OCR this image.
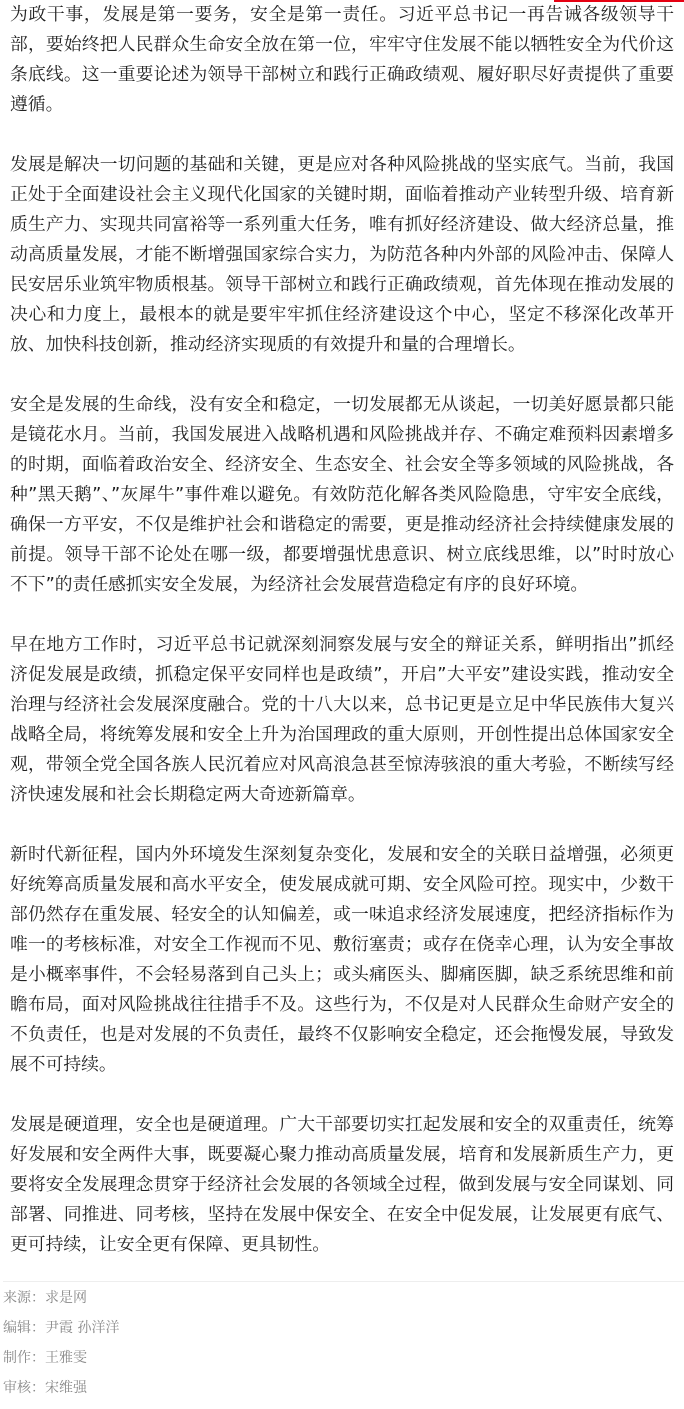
为政干事，发展是第一要务，安全是第一责任。习近平总书记一再告诫各级领导干部，要始终把人民群众生命安全放在第一位，牢牢守住发展不能以牺牲安全为代价这条底线。这一重要论述为领导干部树立和践行正确政绩观、履好职尽好责提供了重要遵循。

发展是解决一切问题的基础和关键，更是应对各种风险挑战的坚实底气。当前，我国正处于全面建设社会主义现代化国家的关键时期，面临着推动产业转型升级、培育新质生产力、实现共同富裕等一系列重大任务，唯有抓好经济建设、做大经济总量，推动高质量发展，才能不断增强国家综合实力，为防范各种内外部的风险冲击、保障人民安居乐业筑牢物质根基。领导干部树立和践行正确政绩观，首先体现在推动发展的决心和力度上，最根本的就是要牢牢抓住经济建设这个中心，坚定不移深化改革开放、加快科技创新，推动经济实现质的有效提升和量的合理增长。

安全是发展的生命线，没有安全和稳定，一切发展都无从谈起，一切美好愿景都只能是镜花水月。当前，我国发展进入战略机遇和风险挑战并存、不确定难预料因素增多的时期，面临着政治安全、经济安全、生态安全、社会安全等多领域的风险挑战，各种”黑天鹅”、”灰犀牛”事件难以避免。有效防范化解各类风险隐患，守牢安全底线，确保一方平安，不仅是维护社会和谐稳定的需要，更是推动经济社会持续健康发展的前提。领导干部不论处在哪一级，都要增强忧患意识、树立底线思维，以”时时放心不下”的责任感抓实安全发展，为经济社会发展营造稳定有序的良好环境。

早在地方工作时，习近平总书记就深刻洞察发展与安全的辩证关系，鲜明指出”抓经济促发展是政绩，抓稳定保平安同样也是政绩”，开启”大平安”建设实践，推动安全治理与经济社会发展深度融合。党的十八大以来，总书记更是立足中华民族伟大复兴战略全局，将统筹发展和安全上升为治国理政的重大原则，开创性提出总体国家安全观，带领全党全国各族人民沉着应对风高浪急甚至惊涛骇浪的重大考验，不断续写经济快速发展和社会长期稳定两大奇迹新篇章。

新时代新征程，国内外环境发生深刻复杂变化，发展和安全的关联日益增强，必须更好统筹高质量发展和高水平安全，使发展成就可期、安全风险可控。现实中，少数干部仍然存在重发展、轻安全的认知偏差，或一味追求经济发展速度，把经济指标作为唯一的考核标准，对安全工作视而不见、敷衍塞责；或存在侥幸心理，认为安全事故是小概率事件，不会轻易落到自己头上；或头痛医头、脚痛医脚，缺乏系统思维和前瞻布局，面对风险挑战往往措手不及。这些行为，不仅是对人民群众生命财产安全的不负责任，也是对发展的不负责任，最终不仅影响安全稳定，还会拖慢发展，导致发展不可持续。

发展是硬道理，安全也是硬道理。广大干部要切实扛起发展和安全的双重责任，统筹好发展和安全两件大事，既要凝心聚力推动高质量发展，培育和发展新质生产力，更要将安全发展理念贯穿于经济社会发展的各领域全过程，做到发展与安全同谋划、同部署、同推进、同考核，坚持在发展中保安全、在安全中促发展，让发展更有底气、更可持续，让安全更有保障、更具韧性。

来源：求是网
编辑：尹霞 孙洋洋
制作：王雅雯
审核：宋维强
